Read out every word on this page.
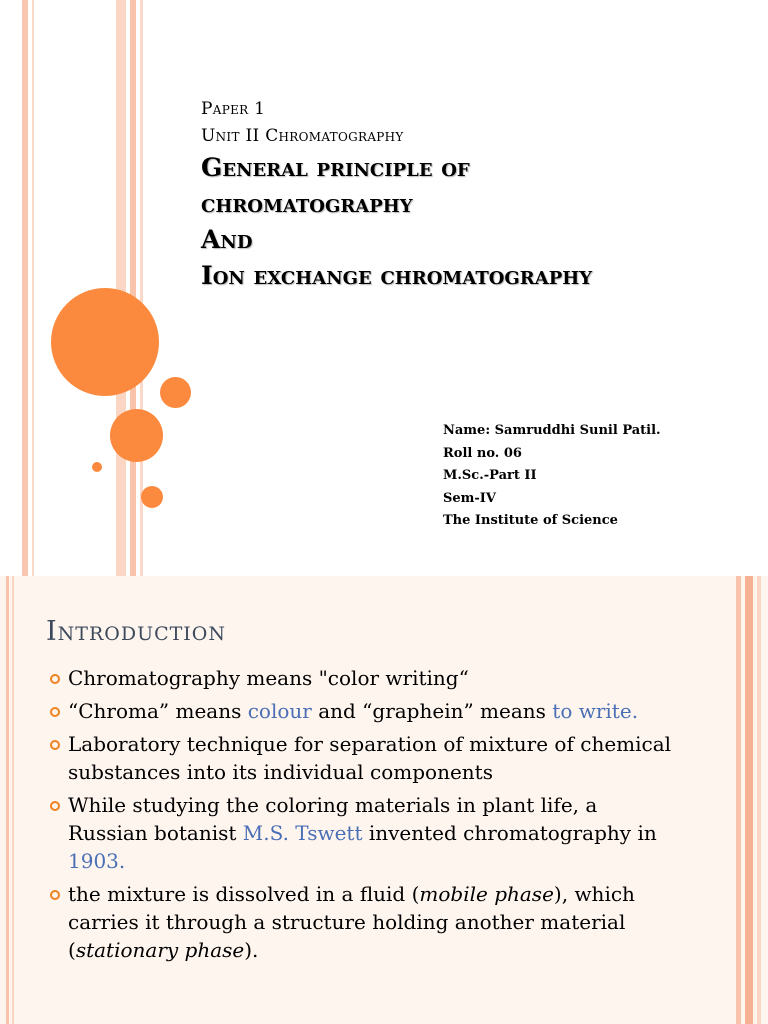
Paper 1
Unit II Chromatography
General principle of
chromatography
And
Ion exchange chromatography
Name: Samruddhi Sunil Patil.
Roll no. 06
M.Sc.-Part II
Sem-IV
The Institute of Science
Introduction
Chromatography means "color writing“
“Chroma” means colour and “graphein” means to write.
Laboratory technique for separation of mixture of chemical substances into its individual components
While studying the coloring materials in plant life, a Russian botanist M.S. Tswett invented chromatography in 1903.
the mixture is dissolved in a fluid (mobile phase), which carries it through a structure holding another material (stationary phase).
